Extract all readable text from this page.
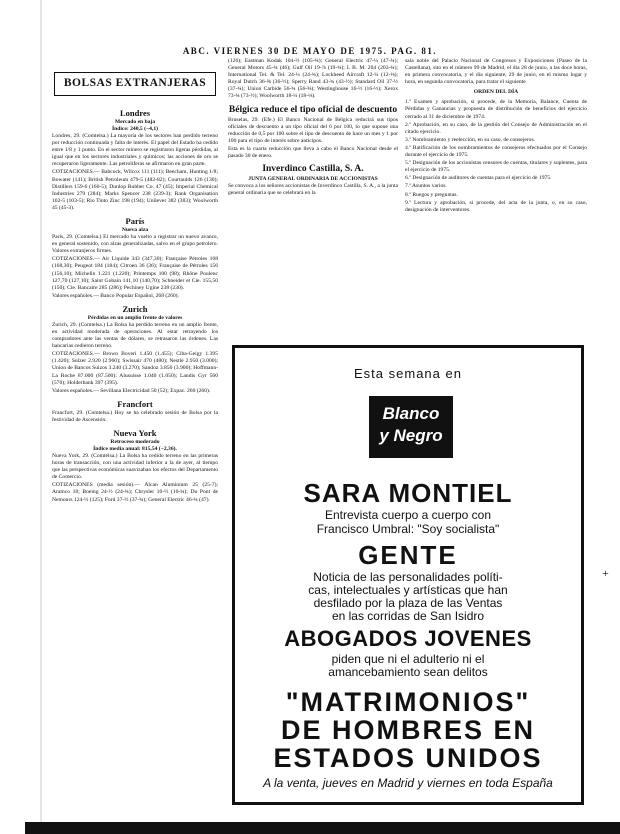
ABC. VIERNES 30 DE MAYO DE 1975. PAG. 81.
Londres
Mercado en baja
Índice: 240,5 (−4,1)

Londres, 29. (Comtelsa.) La mayoría de los sectores han perdido terreno por reducción continuada y falta de interés. El papel del Estado ha cedido entre 1/8 y 1 punto. En el sector minero se registraron ligeras pérdidas, al igual que en los sectores industriales y químicos; las acciones de oro se recuperaron ligeramente. Las petrolíferas se afirmaron en gran parte.

COTIZACIONES.— Babcock, Wilcox 111 (111); Beecham, Hunting 1/8; Bowater (141); British Petroleum 479-5 (482-82); Courtaulds 126 (130); Distillers 159-6 (160-5); Dunlop Rubber Co. 47 (45); Imperial Chemical Industries 279 (284); Marks Spencer 238 (239-3); Rank Organisation 102-5 (103-5); Rio Tinto Zinc 198 (194); Unilever 382 (383); Woolworth 45 (45-3).

París
Nueva alza

París, 29. (Comtelsa.) El mercado ha vuelto a registrar un nuevo avance, en general sostenido, con alzas generalizadas, salvo en el grupo petrolero. Valores extranjeros firmes.

COTIZACIONES.— Air Liquide 343 (347,30); Française Pétroles 168 (168,30); Peugeot 184 (184); Citroen 36 (36); Française de Pétroles 156 (156,10); Michelin 1.221 (1.220); Printemps 100 (98); Rhône Poulenc 127,70 (127,10); Saint Gobain 141,10 (140,70); Schneider et Cie. 155,50 (150); Cie. Bancaire 285 (286); Pechiney Ugine 238 (230).

Valores españoles.— Banco Popular Español, 268 (260).

Zurich
Pérdidas en un amplio frente de valores

Zurich, 29. (Comtelsa.) La Bolsa ha perdido terreno en un amplio frente, en actividad moderada de operaciones. Al estar retrayendo los compradores ante las ventas de dólares, se retrasaron las órdenes. Las bancarias cedieron terreno.

COTIZACIONES.— Brown Boveri 1.450 (1.455); Ciba-Geigy 1.395 (1.420); Sulzer 2.920 (2.960); Swissair 470 (480); Nestlé 2.950 (3.000); Union de Bancos Suizos 3.240 (3.270); Sandoz 3.850 (3.900); Hoffmann-La Roche 87.000 (87.500); Alusuisse 1.040 (1.050); Landis Gyr 560 (570); Holderbank 397 (395).

Valores españoles.— Sevillana Electricidad 50 (52); Expac. 260 (260).

Francfort

Francfort, 29. (Comtelsa.) Hoy se ha celebrado sesión de Bolsa por la festividad de Ascensión.

Nueva York
Retroceso moderado
Índice media anual: 815,54 (−2,36).

Nueva York, 29. (Comtelsa.) La Bolsa ha cedido terreno en las primeras horas de transacción, con una actividad inferior a la de ayer, al tiempo que las perspectivas económicas suavizaban los efectos del Departamento de Comercio.

COTIZACIONES (media sesión).— Alcan Aluminium 25 (25-7); Aramco 18; Boeing 24-½ (24-¾); Chrysler 10-½ (10-¾); Du Pont de Nemours 124-½ (125); Ford 37-½ (37-¾); General Electric 46-¾ (47).

BOLSAS EXTRANJERAS

(126); Eastman Kodak 104-½ (105-¾); General Electric 47-¼ (47-¾); General Motors 45-¾ (46); Gulf Oil 19-⅞ (19-¾); I. B. M. 204 (203-¾); International Tel. & Tel. 24-¼ (24-¾); Lockheed Aircraft 12-¼ (12-⅛); Royal Dutch 36-⅝ (36-½); Sperry Rand 43-¾ (43-½); Standard Oil 37-½ (37-¾); Union Carbide 56-¾ (56-⅝); Westinghouse 16-½ (16-½); Xerox 73-¾ (73-½); Woolworth 18-¼ (18-⅛).

Bélgica reduce el tipo oficial de descuento

Bruselas, 29. (Efe.) El Banco Nacional de Bélgica reducirá sus tipos oficiales de descuento a un tipo oficial del 6 por 100, lo que supone una reducción de 0,5 por 100 sobre el tipo de descuento de hace un mes y 1 por 100 para el tipo de interés sobre anticipos.

Esta es la cuarta reducción que lleva a cabo el Banco Nacional desde el pasado 30 de enero.

Inverdinco Castilla, S. A.
JUNTA GENERAL ORDINARIA DE ACCIONISTAS

Se convoca a los señores accionistas de Inverdinco Castilla, S. A., a la junta general ordinaria que se celebrará en la

sala noble del Palacio Nacional de Congresos y Exposiciones (Paseo de la Castellana), sito en el número 99 de Madrid, el día 28 de junio, a las doce horas, en primera convocatoria, y el día siguiente, 29 de junio, en el mismo lugar y hora, en segunda convocatoria, para tratar el siguiente

ORDEN DEL DÍA

1.º Examen y aprobación, si procede, de la Memoria, Balance, Cuenta de Pérdidas y Ganancias y propuesta de distribución de beneficios del ejercicio cerrado al 31 de diciembre de 1974.

2.º Aprobación, en su caso, de la gestión del Consejo de Administración en el citado ejercicio.

3.º Nombramiento y reelección, en su caso, de consejeros.

4.º Ratificación de los nombramientos de consejeros efectuados por el Consejo durante el ejercicio de 1975.

5.º Designación de los accionistas censores de cuentas, titulares y suplentes, para el ejercicio de 1975.

6.º Designación de auditores de cuentas para el ejercicio de 1975.

7.º Asuntos varios.

8.º Ruegos y preguntas.

9.º Lectura y aprobación, si procede, del acta de la junta, o, en su caso, designación de interventores.

Esta semana en
Blanco
y Negro
SARA MONTIEL
Entrevista cuerpo a cuerpo con
Francisco Umbral: "Soy socialista"
GENTE
Noticia de las personalidades políti-
cas, intelectuales y artísticas que han
desfilado por la plaza de las Ventas
en las corridas de San Isidro
ABOGADOS JOVENES
piden que ni el adulterio ni el
amancebamiento sean delitos
"MATRIMONIOS"
DE HOMBRES EN
ESTADOS UNIDOS
A la venta, jueves en Madrid y viernes en toda España
+
